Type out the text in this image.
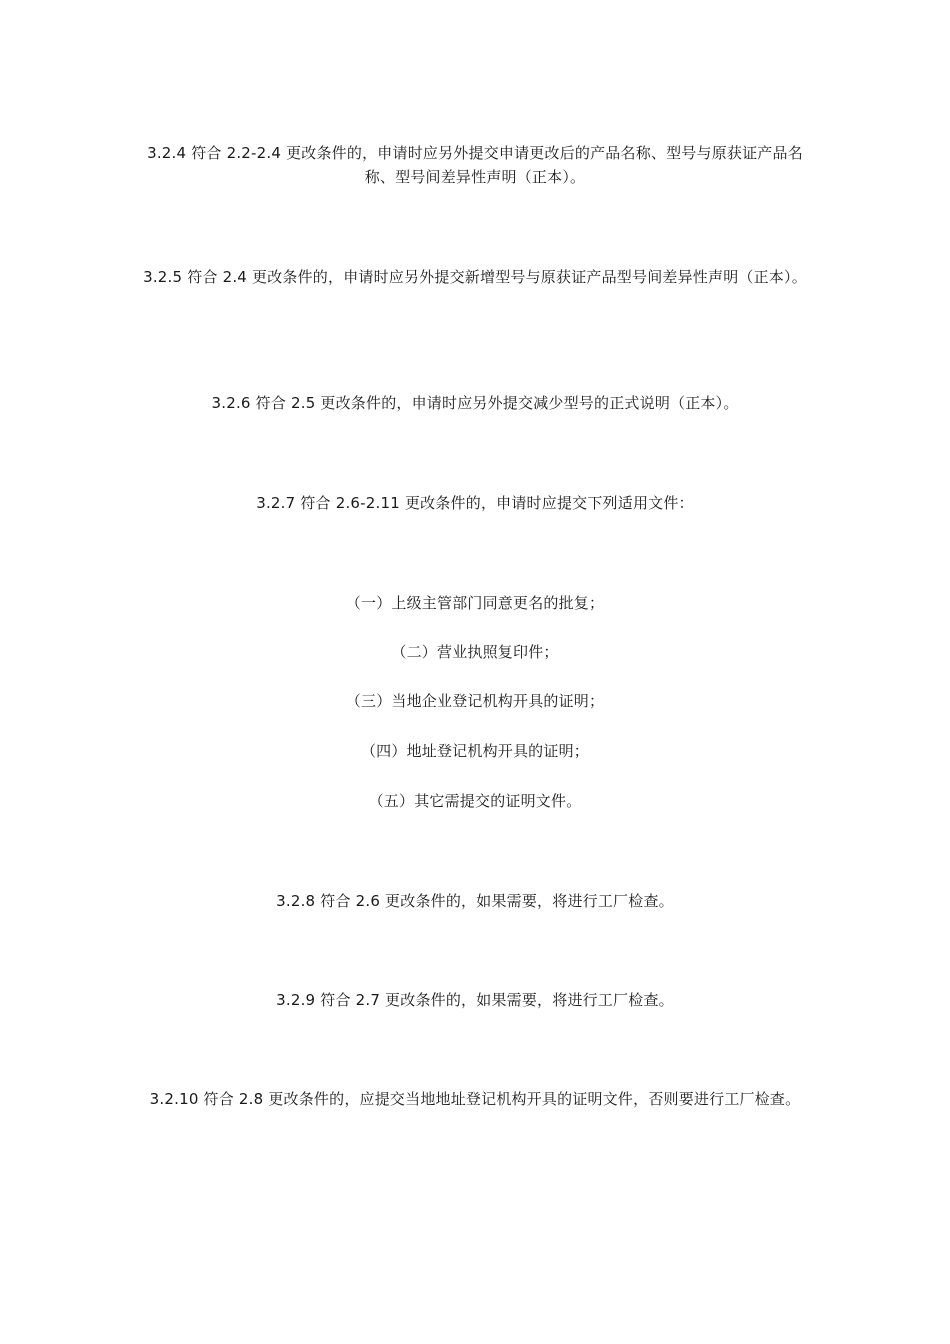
3.2.4 符合 2.2-2.4 更改条件的，申请时应另外提交申请更改后的产品名称、型号与原获证产品名称、型号间差异性声明（正本）。

3.2.5 符合 2.4 更改条件的，申请时应另外提交新增型号与原获证产品型号间差异性声明（正本）。

3.2.6 符合 2.5 更改条件的，申请时应另外提交减少型号的正式说明（正本）。

3.2.7 符合 2.6-2.11 更改条件的，申请时应提交下列适用文件：

（一）上级主管部门同意更名的批复；

（二）营业执照复印件；

（三）当地企业登记机构开具的证明；

（四）地址登记机构开具的证明；

（五）其它需提交的证明文件。

3.2.8 符合 2.6 更改条件的，如果需要，将进行工厂检查。

3.2.9 符合 2.7 更改条件的，如果需要，将进行工厂检查。

3.2.10 符合 2.8 更改条件的，应提交当地地址登记机构开具的证明文件，否则要进行工厂检查。
